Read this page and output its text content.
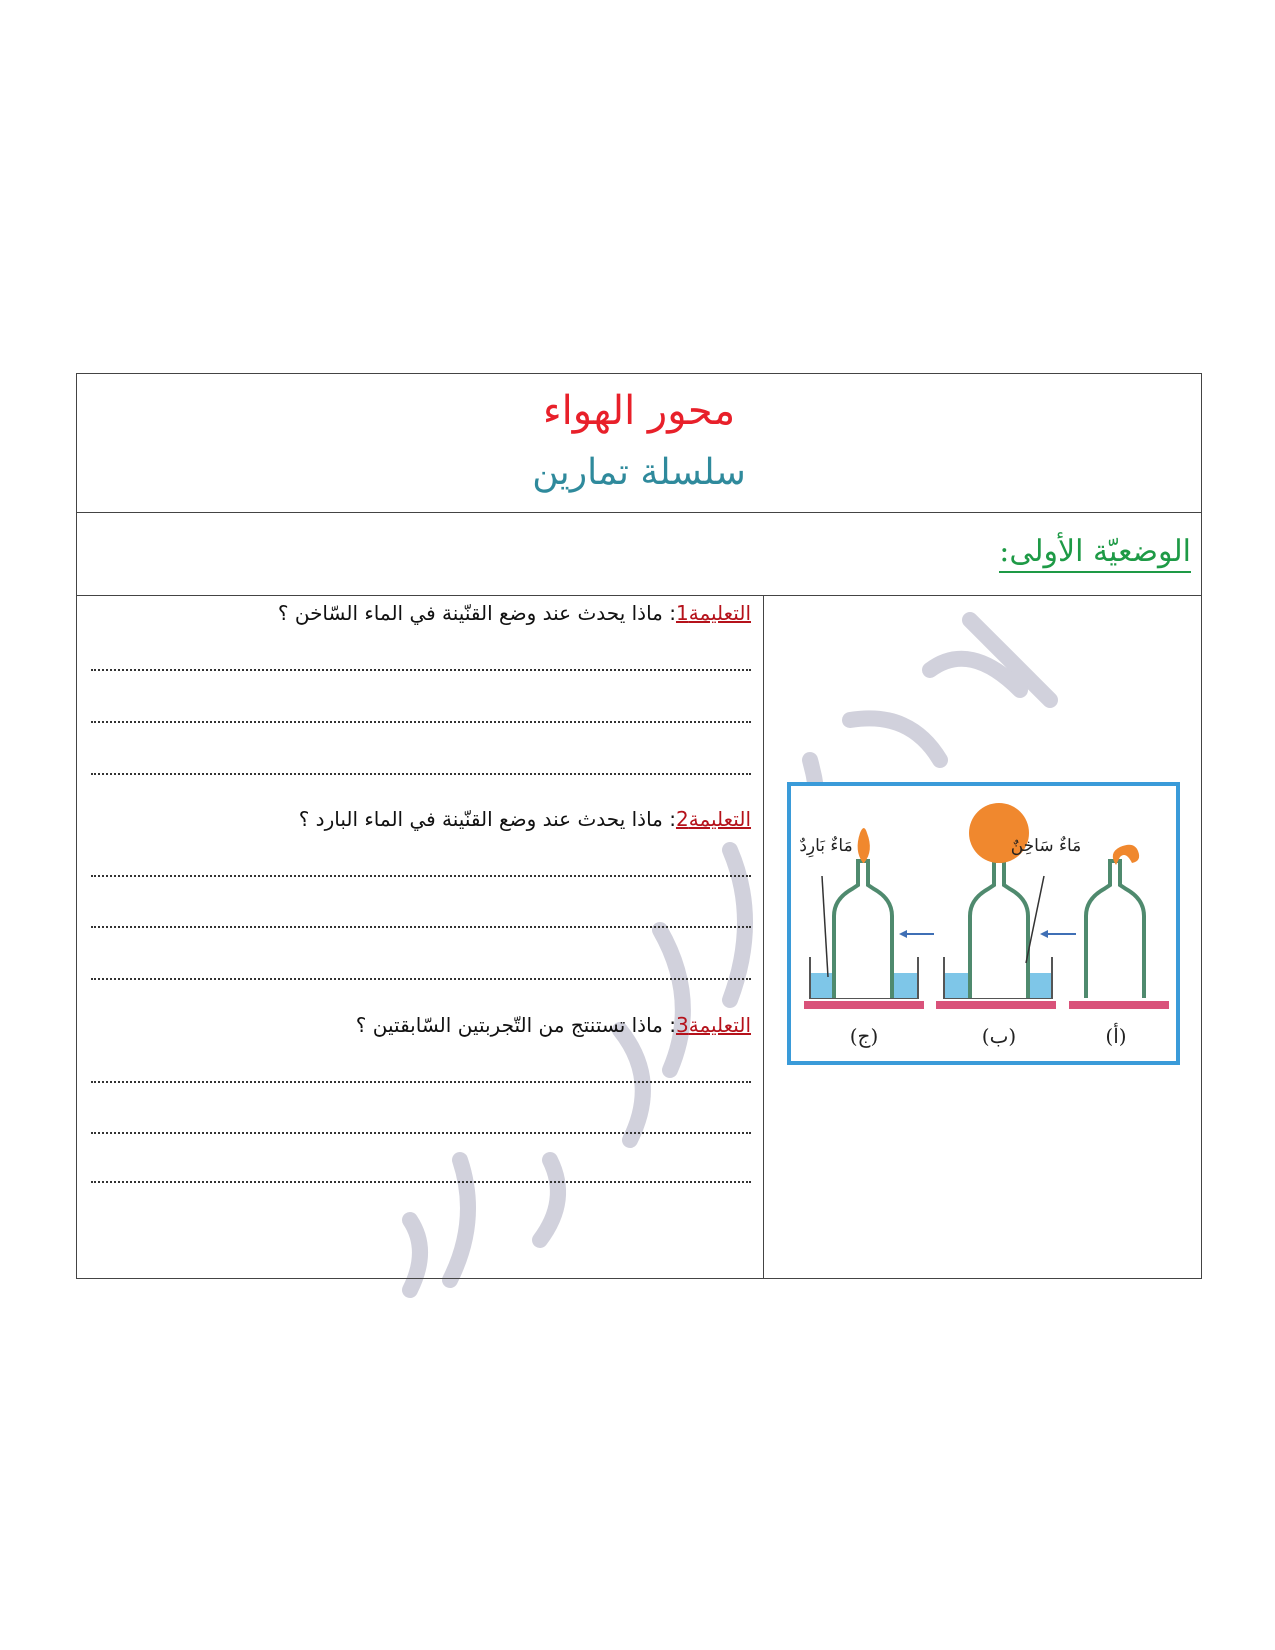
محور الهواء
سلسلة تمارين
الوضعيّة الأولى:
التعليمة1: ماذا يحدث عند وضع القنّينة في الماء السّاخن ؟
التعليمة2: ماذا يحدث عند وضع القنّينة في الماء البارد ؟
التعليمة3: ماذا تستنتج من التّجربتين السّابقتين ؟
مَاءٌ سَاخِنٌ
مَاءٌ بَارِدٌ
(ج)	(ب)	(أ)
